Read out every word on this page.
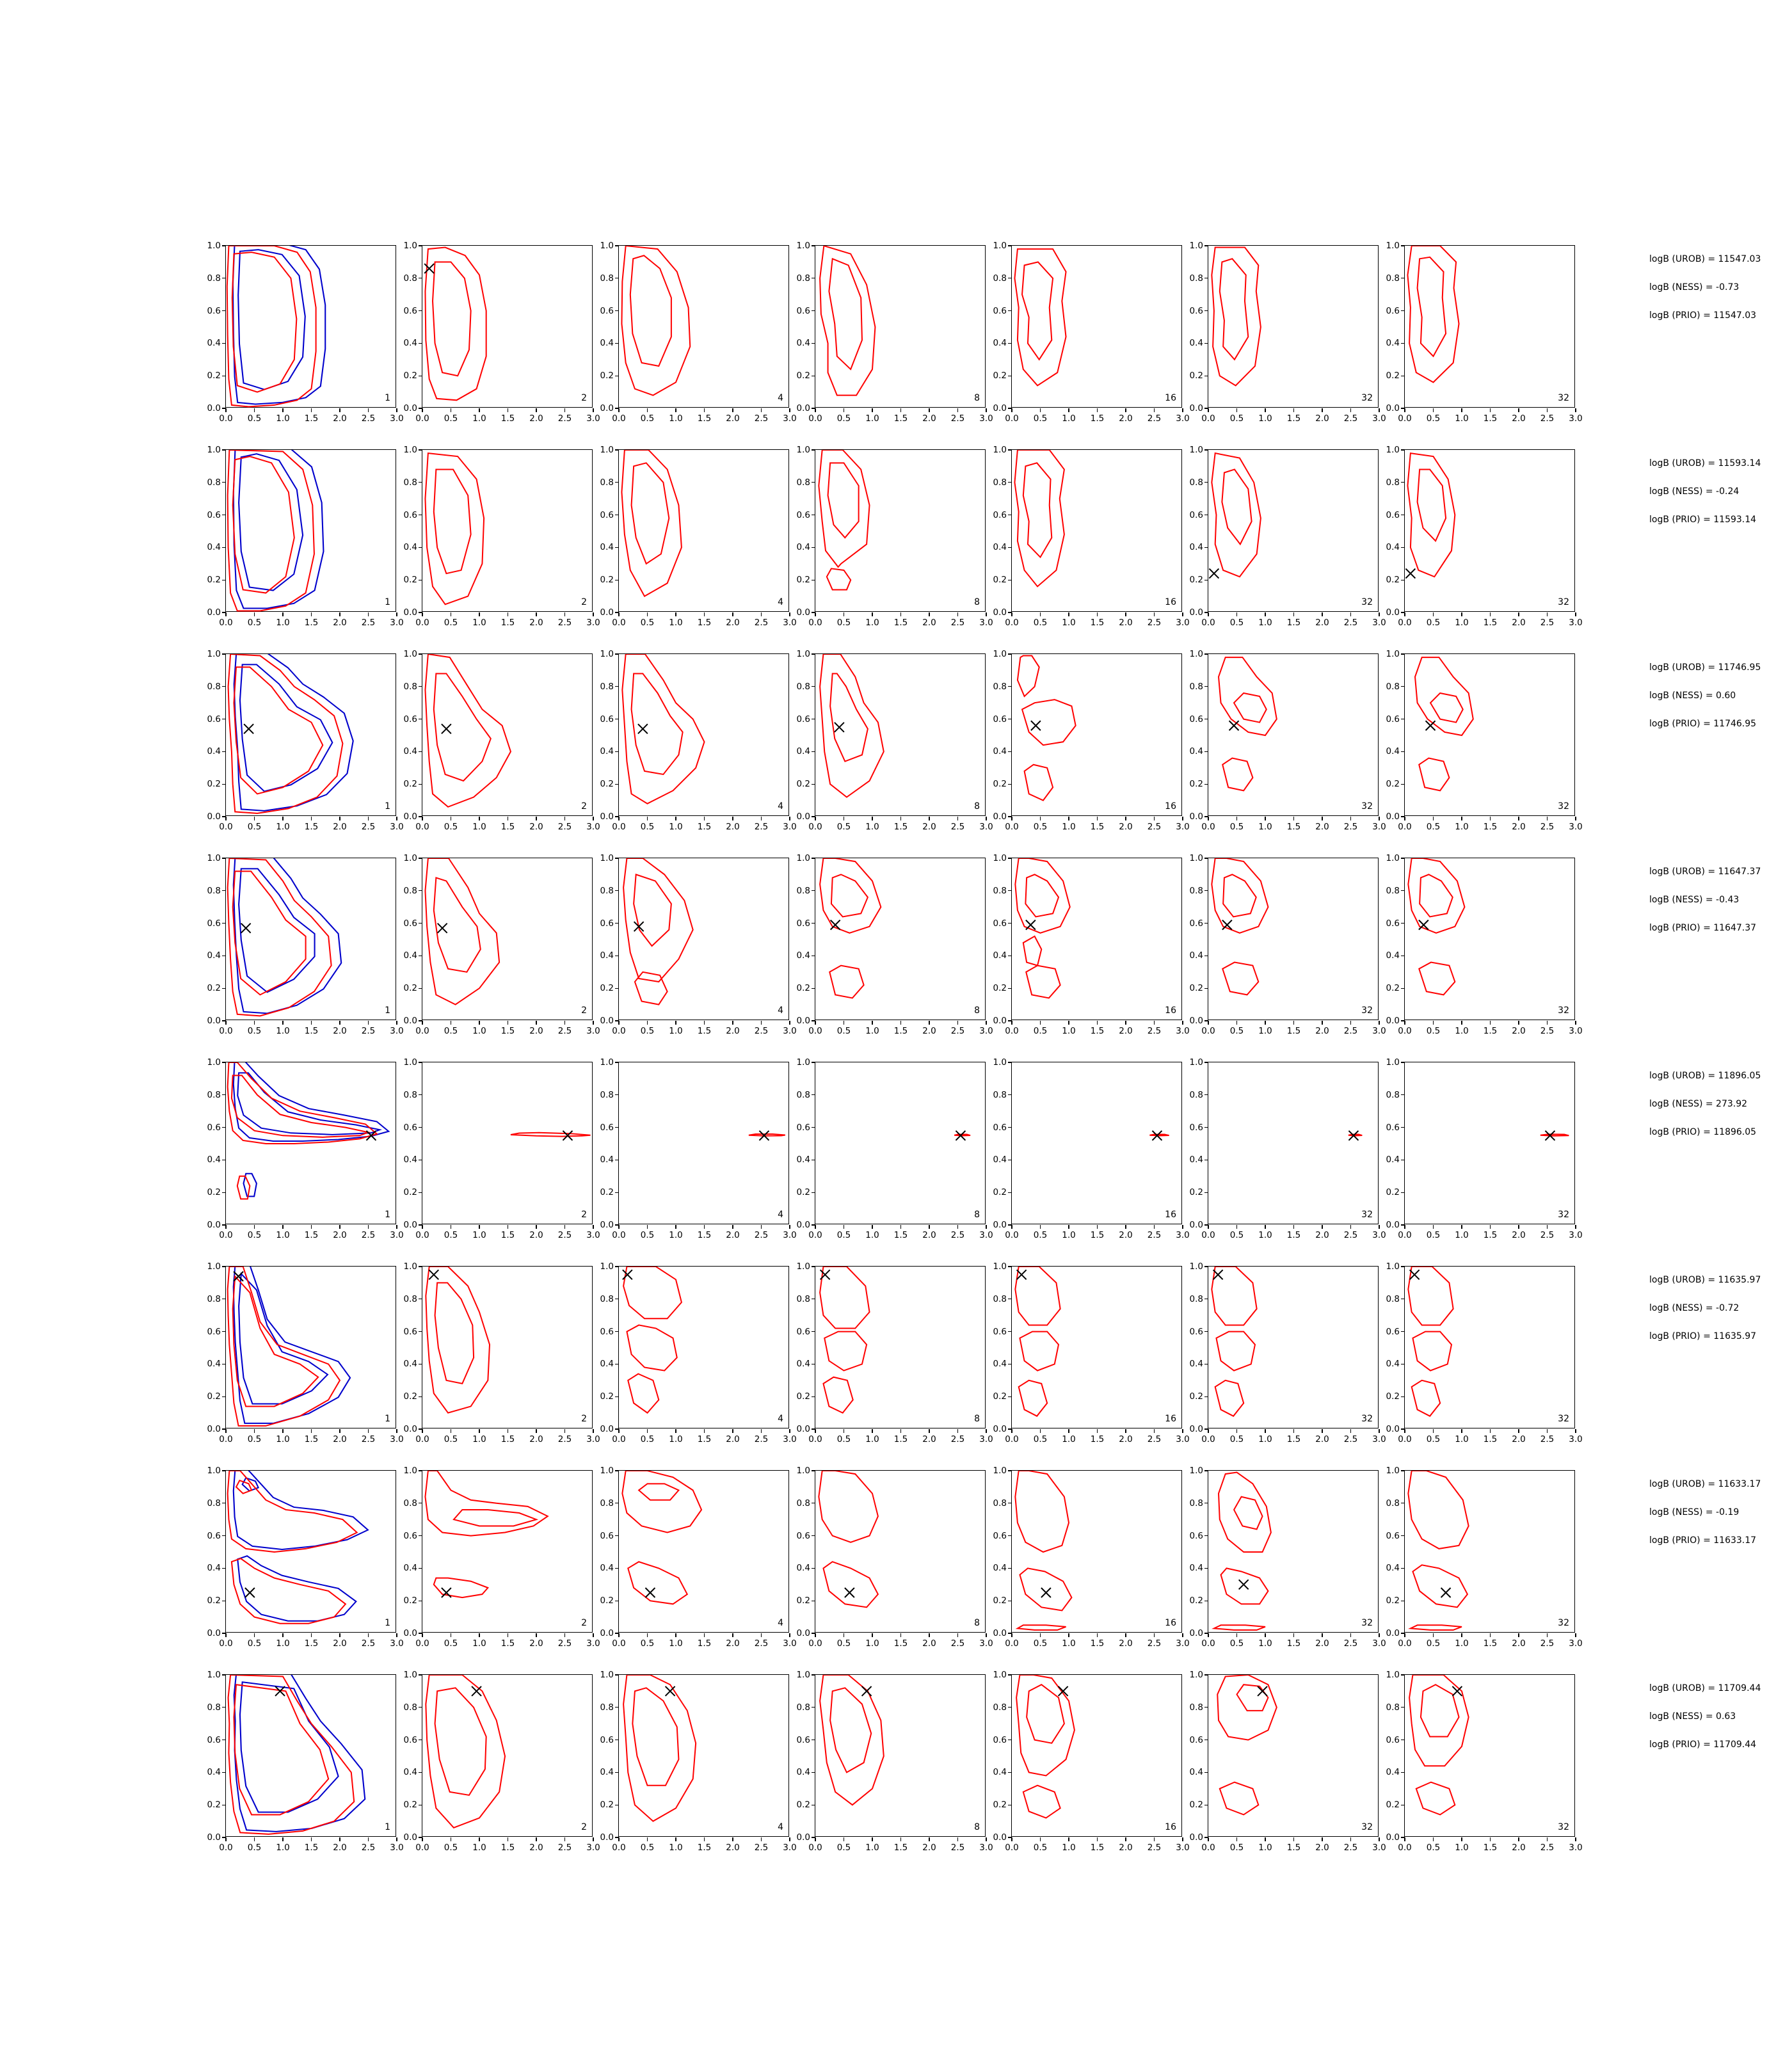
0.0 0.5 1.0 1.5 2.0 2.5 3.0
0.0
0.2
0.4
0.6
0.8
1.0
1
0.0 0.5 1.0 1.5 2.0 2.5 3.0
0.0
0.2
0.4
0.6
0.8
1.0
2
0.0 0.5 1.0 1.5 2.0 2.5 3.0
0.0
0.2
0.4
0.6
0.8
1.0
4
0.0 0.5 1.0 1.5 2.0 2.5 3.0
0.0
0.2
0.4
0.6
0.8
1.0
8
0.0 0.5 1.0 1.5 2.0 2.5 3.0
0.0
0.2
0.4
0.6
0.8
1.0
16
0.0 0.5 1.0 1.5 2.0 2.5 3.0
0.0
0.2
0.4
0.6
0.8
1.0
32
0.0 0.5 1.0 1.5 2.0 2.5 3.0
0.0
0.2
0.4
0.6
0.8
1.0
32
logB (UROB) = 11547.03
logB (NESS) = -0.73
logB (PRIO) = 11547.03
0.0 0.5 1.0 1.5 2.0 2.5 3.0
0.0
0.2
0.4
0.6
0.8
1.0
1
0.0 0.5 1.0 1.5 2.0 2.5 3.0
0.0
0.2
0.4
0.6
0.8
1.0
2
0.0 0.5 1.0 1.5 2.0 2.5 3.0
0.0
0.2
0.4
0.6
0.8
1.0
4
0.0 0.5 1.0 1.5 2.0 2.5 3.0
0.0
0.2
0.4
0.6
0.8
1.0
8
0.0 0.5 1.0 1.5 2.0 2.5 3.0
0.0
0.2
0.4
0.6
0.8
1.0
16
0.0 0.5 1.0 1.5 2.0 2.5 3.0
0.0
0.2
0.4
0.6
0.8
1.0
32
0.0 0.5 1.0 1.5 2.0 2.5 3.0
0.0
0.2
0.4
0.6
0.8
1.0
32
logB (UROB) = 11593.14
logB (NESS) = -0.24
logB (PRIO) = 11593.14
0.0 0.5 1.0 1.5 2.0 2.5 3.0
0.0
0.2
0.4
0.6
0.8
1.0
1
0.0 0.5 1.0 1.5 2.0 2.5 3.0
0.0
0.2
0.4
0.6
0.8
1.0
2
0.0 0.5 1.0 1.5 2.0 2.5 3.0
0.0
0.2
0.4
0.6
0.8
1.0
4
0.0 0.5 1.0 1.5 2.0 2.5 3.0
0.0
0.2
0.4
0.6
0.8
1.0
8
0.0 0.5 1.0 1.5 2.0 2.5 3.0
0.0
0.2
0.4
0.6
0.8
1.0
16
0.0 0.5 1.0 1.5 2.0 2.5 3.0
0.0
0.2
0.4
0.6
0.8
1.0
32
0.0 0.5 1.0 1.5 2.0 2.5 3.0
0.0
0.2
0.4
0.6
0.8
1.0
32
logB (UROB) = 11746.95
logB (NESS) = 0.60
logB (PRIO) = 11746.95
0.0 0.5 1.0 1.5 2.0 2.5 3.0
0.0
0.2
0.4
0.6
0.8
1.0
1
0.0 0.5 1.0 1.5 2.0 2.5 3.0
0.0
0.2
0.4
0.6
0.8
1.0
2
0.0 0.5 1.0 1.5 2.0 2.5 3.0
0.0
0.2
0.4
0.6
0.8
1.0
4
0.0 0.5 1.0 1.5 2.0 2.5 3.0
0.0
0.2
0.4
0.6
0.8
1.0
8
0.0 0.5 1.0 1.5 2.0 2.5 3.0
0.0
0.2
0.4
0.6
0.8
1.0
16
0.0 0.5 1.0 1.5 2.0 2.5 3.0
0.0
0.2
0.4
0.6
0.8
1.0
32
0.0 0.5 1.0 1.5 2.0 2.5 3.0
0.0
0.2
0.4
0.6
0.8
1.0
32
logB (UROB) = 11647.37
logB (NESS) = -0.43
logB (PRIO) = 11647.37
0.0 0.5 1.0 1.5 2.0 2.5 3.0
0.0
0.2
0.4
0.6
0.8
1.0
1
0.0 0.5 1.0 1.5 2.0 2.5 3.0
0.0
0.2
0.4
0.6
0.8
1.0
2
0.0 0.5 1.0 1.5 2.0 2.5 3.0
0.0
0.2
0.4
0.6
0.8
1.0
4
0.0 0.5 1.0 1.5 2.0 2.5 3.0
0.0
0.2
0.4
0.6
0.8
1.0
8
0.0 0.5 1.0 1.5 2.0 2.5 3.0
0.0
0.2
0.4
0.6
0.8
1.0
16
0.0 0.5 1.0 1.5 2.0 2.5 3.0
0.0
0.2
0.4
0.6
0.8
1.0
32
0.0 0.5 1.0 1.5 2.0 2.5 3.0
0.0
0.2
0.4
0.6
0.8
1.0
32
logB (UROB) = 11896.05
logB (NESS) = 273.92
logB (PRIO) = 11896.05
0.0 0.5 1.0 1.5 2.0 2.5 3.0
0.0
0.2
0.4
0.6
0.8
1.0
1
0.0 0.5 1.0 1.5 2.0 2.5 3.0
0.0
0.2
0.4
0.6
0.8
1.0
2
0.0 0.5 1.0 1.5 2.0 2.5 3.0
0.0
0.2
0.4
0.6
0.8
1.0
4
0.0 0.5 1.0 1.5 2.0 2.5 3.0
0.0
0.2
0.4
0.6
0.8
1.0
8
0.0 0.5 1.0 1.5 2.0 2.5 3.0
0.0
0.2
0.4
0.6
0.8
1.0
16
0.0 0.5 1.0 1.5 2.0 2.5 3.0
0.0
0.2
0.4
0.6
0.8
1.0
32
0.0 0.5 1.0 1.5 2.0 2.5 3.0
0.0
0.2
0.4
0.6
0.8
1.0
32
logB (UROB) = 11635.97
logB (NESS) = -0.72
logB (PRIO) = 11635.97
0.0 0.5 1.0 1.5 2.0 2.5 3.0
0.0
0.2
0.4
0.6
0.8
1.0
1
0.0 0.5 1.0 1.5 2.0 2.5 3.0
0.0
0.2
0.4
0.6
0.8
1.0
2
0.0 0.5 1.0 1.5 2.0 2.5 3.0
0.0
0.2
0.4
0.6
0.8
1.0
4
0.0 0.5 1.0 1.5 2.0 2.5 3.0
0.0
0.2
0.4
0.6
0.8
1.0
8
0.0 0.5 1.0 1.5 2.0 2.5 3.0
0.0
0.2
0.4
0.6
0.8
1.0
16
0.0 0.5 1.0 1.5 2.0 2.5 3.0
0.0
0.2
0.4
0.6
0.8
1.0
32
0.0 0.5 1.0 1.5 2.0 2.5 3.0
0.0
0.2
0.4
0.6
0.8
1.0
32
logB (UROB) = 11633.17
logB (NESS) = -0.19
logB (PRIO) = 11633.17
0.0 0.5 1.0 1.5 2.0 2.5 3.0
0.0
0.2
0.4
0.6
0.8
1.0
1
0.0 0.5 1.0 1.5 2.0 2.5 3.0
0.0
0.2
0.4
0.6
0.8
1.0
2
0.0 0.5 1.0 1.5 2.0 2.5 3.0
0.0
0.2
0.4
0.6
0.8
1.0
4
0.0 0.5 1.0 1.5 2.0 2.5 3.0
0.0
0.2
0.4
0.6
0.8
1.0
8
0.0 0.5 1.0 1.5 2.0 2.5 3.0
0.0
0.2
0.4
0.6
0.8
1.0
16
0.0 0.5 1.0 1.5 2.0 2.5 3.0
0.0
0.2
0.4
0.6
0.8
1.0
32
0.0 0.5 1.0 1.5 2.0 2.5 3.0
0.0
0.2
0.4
0.6
0.8
1.0
32
logB (UROB) = 11709.44
logB (NESS) = 0.63
logB (PRIO) = 11709.44
